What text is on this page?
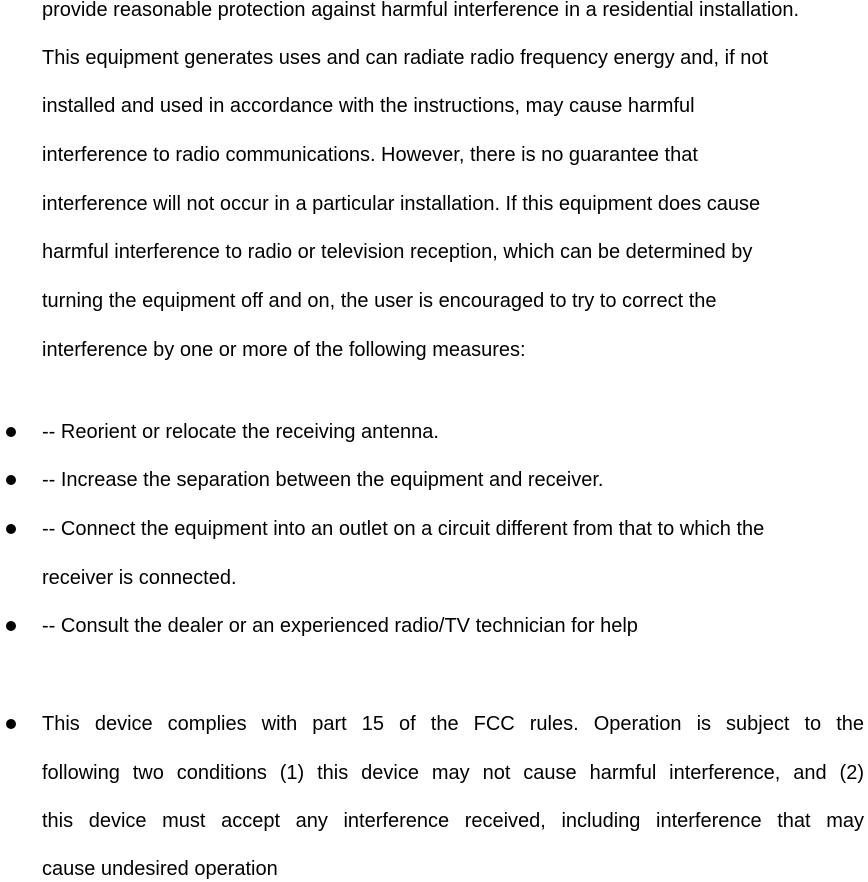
provide reasonable protection against harmful interference in a residential installation.
This equipment generates uses and can radiate radio frequency energy and, if not
installed and used in accordance with the instructions, may cause harmful
interference to radio communications. However, there is no guarantee that
interference will not occur in a particular installation. If this equipment does cause
harmful interference to radio or television reception, which can be determined by
turning the equipment off and on, the user is encouraged to try to correct the
interference by one or more of the following measures:
-- Reorient or relocate the receiving antenna.
-- Increase the separation between the equipment and receiver.
-- Connect the equipment into an outlet on a circuit different from that to which the
receiver is connected.
-- Consult the dealer or an experienced radio/TV technician for help
This device complies with part 15 of the FCC rules. Operation is subject to the
following two conditions (1) this device may not cause harmful interference, and (2)
this device must accept any interference received, including interference that may
cause undesired operation
